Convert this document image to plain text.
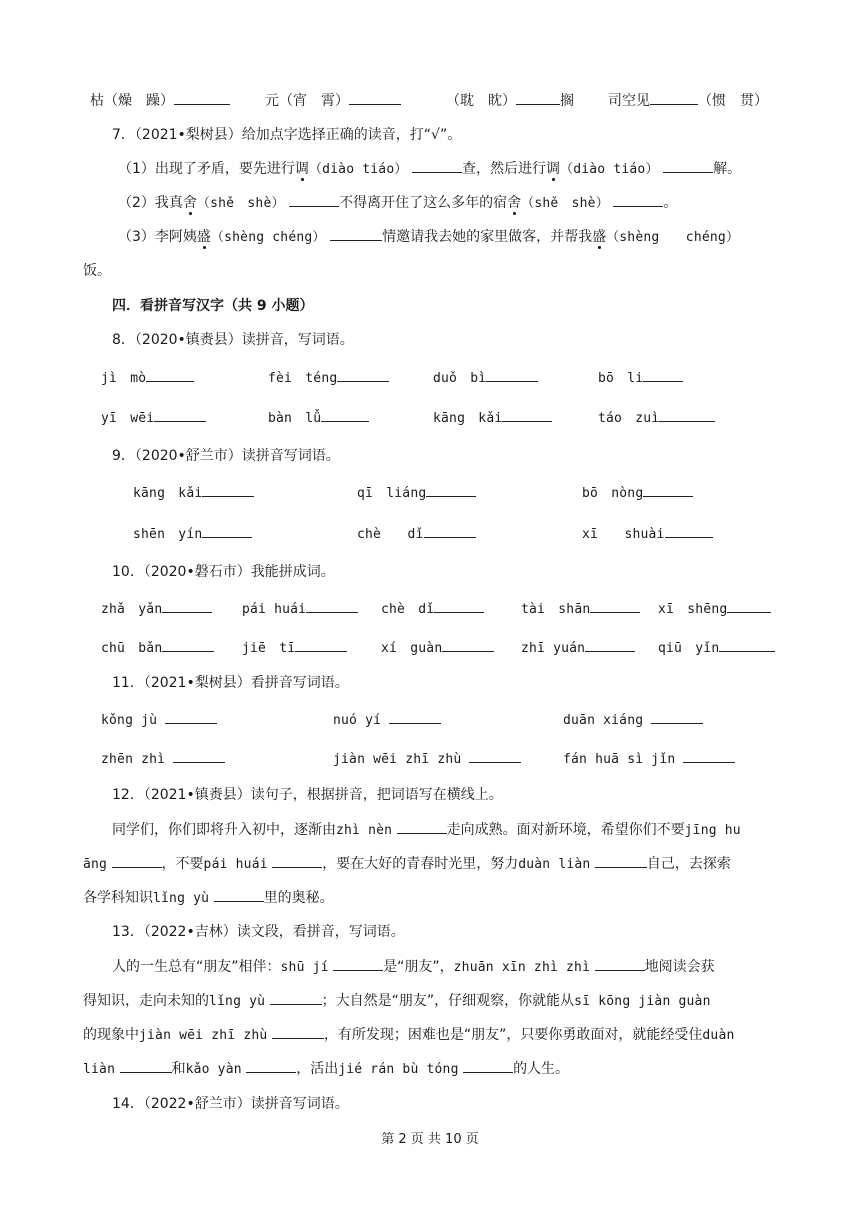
枯（燥　躁）	元（宵　霄）	（耽　眈）	搁 司空见	（惯　贯）
7．（2021•梨树县）给加点字选择正确的读音，打“√”。
（1）出现了矛盾，要先进行调（diào tiáo）	查，然后进行调（diào tiáo）	解。
（2）我真舍（shě　shè）	不得离开住了这么多年的宿舍（shě　shè）	。
（3）李阿姨盛（shèng chéng）	情邀请我去她的家里做客，并帮我盛（shèng　　chéng）
饭。
四．看拼音写汉字（共 9 小题）
8．（2020•镇赉县）读拼音，写词语。
jì　mò	fèi　téng	duǒ　bì	bō　li
yī　wēi	bàn　lǚ	kāng　kǎi	táo　zuì
9．（2020•舒兰市）读拼音写词语。
kāng　kǎi	qī　liáng	bō　nòng
shēn　yín	chè　　dǐ	xī　　shuài
10．（2020•磐石市）我能拼成词。
zhǎ　yǎn	pái huái	chè　dǐ	tài　shān	xī　shēng
chū　bǎn	jiē　tī	xí　guàn	zhī yuán	qiū　yǐn
11．（2021•梨树县）看拼音写词语。
kǒng jù	nuó yí	duān xiáng
zhēn zhì	jiàn wēi zhī zhù	fán huā sì jǐn
12．（2021•镇赉县）读句子，根据拼音，把词语写在横线上。
同学们，你们即将升入初中，逐渐由zhì nèn	走向成熟。面对新环境，希望你们不要jīng hu
āng	，不要pái huái	，要在大好的青春时光里，努力duàn liàn	自己，去探索
各学科知识lǐng yù	里的奥秘。
13．（2022•吉林）读文段，看拼音，写词语。
人的一生总有“朋友”相伴：shū jí	是“朋友”，zhuān xīn zhì zhì	地阅读会获
得知识，走向未知的lǐng yù	；大自然是“朋友”，仔细观察，你就能从sī kōng jiàn guàn
的现象中jiàn wēi zhī zhù	，有所发现；困难也是“朋友”，只要你勇敢面对，就能经受住duàn
liàn	和kǎo yàn	，活出jié rán bù tóng	的人生。
14．（2022•舒兰市）读拼音写词语。
第 2 页 共 10 页
